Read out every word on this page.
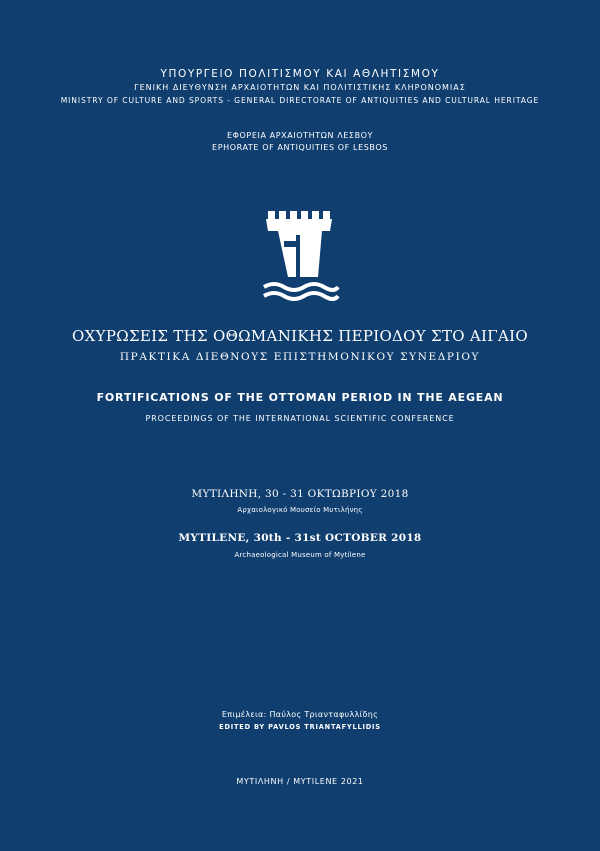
ΥΠΟΥΡΓΕΙΟ ΠΟΛΙΤΙΣΜΟΥ ΚΑΙ ΑΘΛΗΤΙΣΜΟΥ
ΓΕΝΙΚΗ ΔΙΕΥΘΥΝΣΗ ΑΡΧΑΙΟΤΗΤΩΝ ΚΑΙ ΠΟΛΙΤΙΣΤΙΚΗΣ ΚΛΗΡΟΝΟΜΙΑΣ
MINISTRY OF CULTURE AND SPORTS - GENERAL DIRECTORATE OF ANTIQUITIES AND CULTURAL HERITAGE
ΕΦΟΡΕΙΑ ΑΡΧΑΙΟΤΗΤΩΝ ΛΕΣΒΟΥ
EPHORATE OF ANTIQUITIES OF LESBOS
ΟΧΥΡΩΣΕΙΣ ΤΗΣ ΟΘΩΜΑΝΙΚΗΣ ΠΕΡΙΟΔΟΥ ΣΤΟ ΑΙΓΑΙΟ
ΠΡΑΚΤΙΚΑ ΔΙΕΘΝΟΥΣ ΕΠΙΣΤΗΜΟΝΙΚΟΥ ΣΥΝΕΔΡΙΟΥ
FORTIFICATIONS OF THE OTTOMAN PERIOD IN THE AEGEAN
PROCEEDINGS OF THE INTERNATIONAL SCIENTIFIC CONFERENCE
ΜΥΤΙΛΗΝΗ, 30 - 31 ΟΚΤΩΒΡΙΟΥ 2018
Αρχαιολογικό Μουσείο Μυτιλήνης
MYTILENE, 30th - 31st OCTOBER 2018
Archaeological Museum of Mytilene
Επιμέλεια: Παύλος Τριανταφυλλίδης
EDITED BY PAVLOS TRIANTAFYLLIDIS
ΜΥΤΙΛΗΝΗ / MYTILENE 2021
